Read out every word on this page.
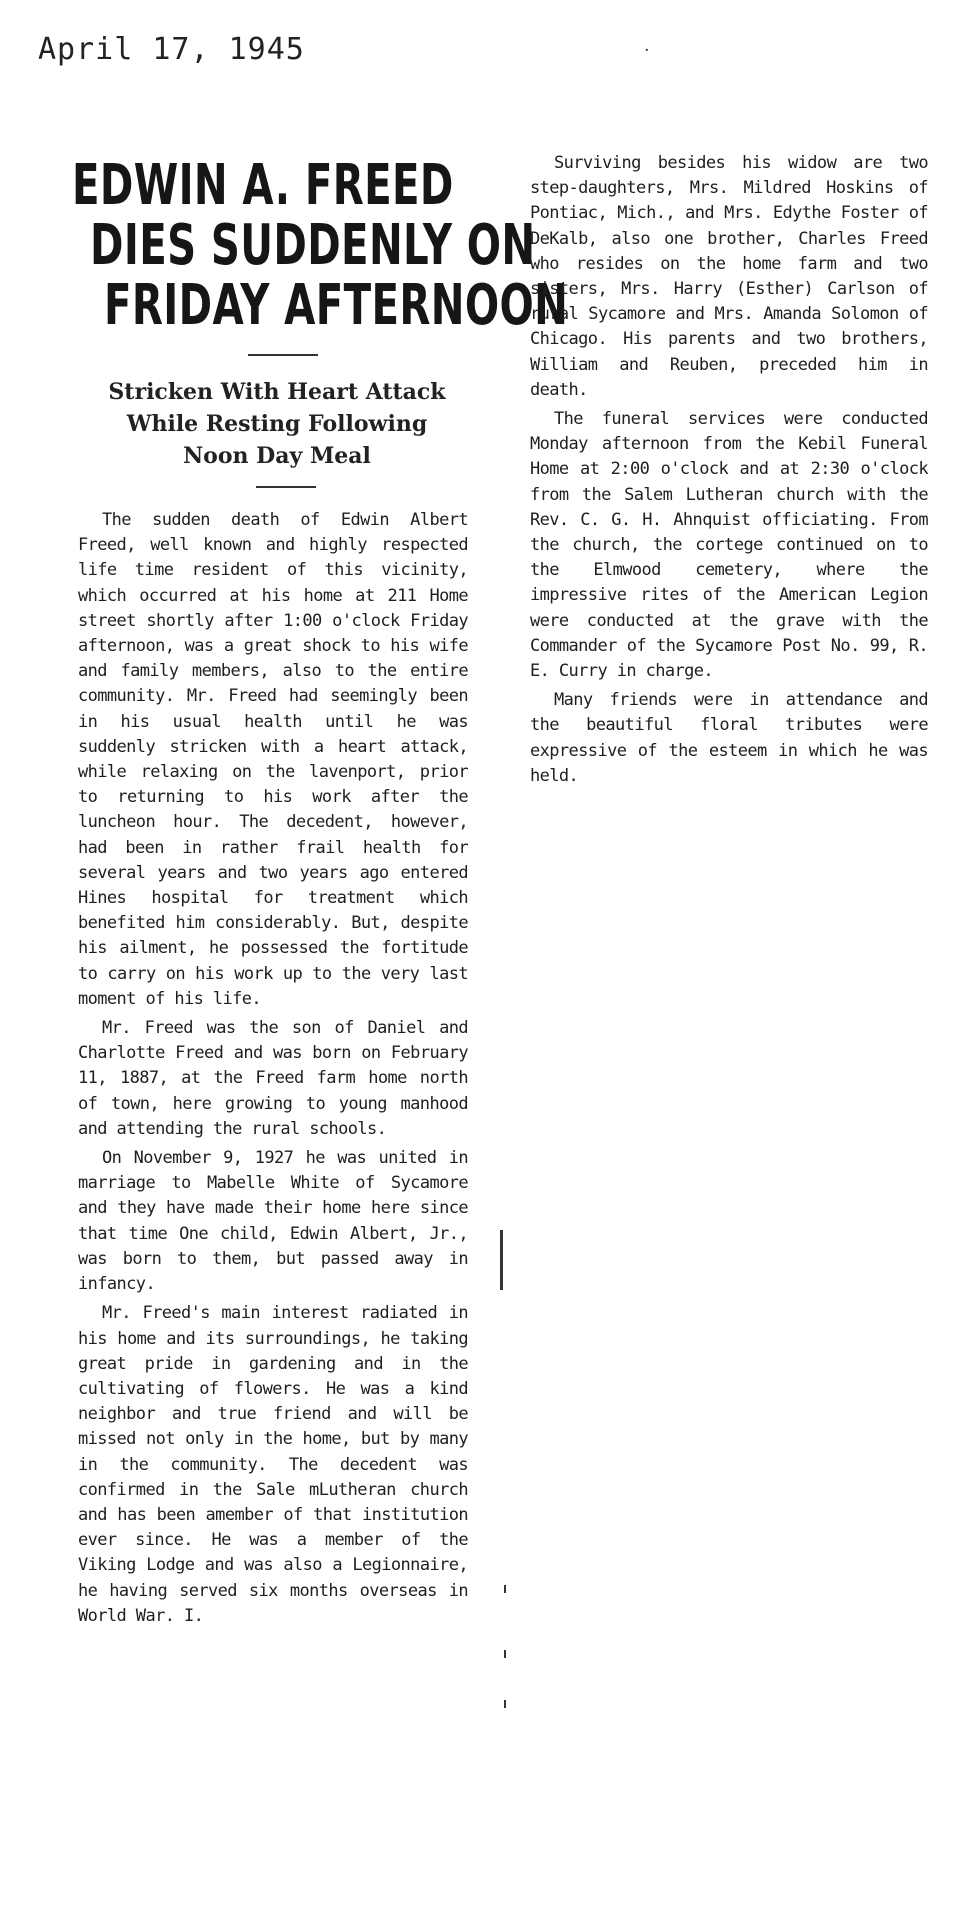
April 17, 1945	·
EDWIN A. FREED
DIES SUDDENLY ON
FRIDAY AFTERNOON
Stricken With Heart Attack
While Resting Following
Noon Day Meal

The sudden death of Edwin Albert Freed, well known and highly respected life time resident of this vicinity, which occurred at his home at 211 Home street shortly after 1:00 o'clock Friday afternoon, was a great shock to his wife and family members, also to the entire community. Mr. Freed had seemingly been in his usual health until he was suddenly stricken with a heart attack, while relaxing on the lavenport, prior to returning to his work after the luncheon hour. The decedent, however, had been in rather frail health for several years and two years ago entered Hines hospital for treatment which benefited him considerably. But, despite his ailment, he possessed the fortitude to carry on his work up to the very last moment of his life.

Mr. Freed was the son of Daniel and Charlotte Freed and was born on February 11, 1887, at the Freed farm home north of town, here growing to young manhood and attending the rural schools.

On November 9, 1927 he was united in marriage to Mabelle White of Sycamore and they have made their home here since that time One child, Edwin Albert, Jr., was born to them, but passed away in infancy.

Mr. Freed's main interest radiated in his home and its surroundings, he taking great pride in gardening and in the cultivating of flowers. He was a kind neighbor and true friend and will be missed not only in the home, but by many in the community. The decedent was confirmed in the Sale mLutheran church and has been amember of that institution ever since. He was a member of the Viking Lodge and was also a Legionnaire, he having served six months overseas in World War. I.

Surviving besides his widow are two step-daughters, Mrs. Mildred Hoskins of Pontiac, Mich., and Mrs. Edythe Foster of DeKalb, also one brother, Charles Freed who resides on the home farm and two sisters, Mrs. Harry (Esther) Carlson of rural Sycamore and Mrs. Amanda Solomon of Chicago. His parents and two brothers, William and Reuben, preceded him in death.

The funeral services were conducted Monday afternoon from the Kebil Funeral Home at 2:00 o'clock and at 2:30 o'clock from the Salem Lutheran church with the Rev. C. G. H. Ahnquist officiating. From the church, the cortege continued on to the Elmwood cemetery, where the impressive rites of the American Legion were conducted at the grave with the Commander of the Sycamore Post No. 99, R. E. Curry in charge.

Many friends were in attendance and the beautiful floral tributes were expressive of the esteem in which he was held.
